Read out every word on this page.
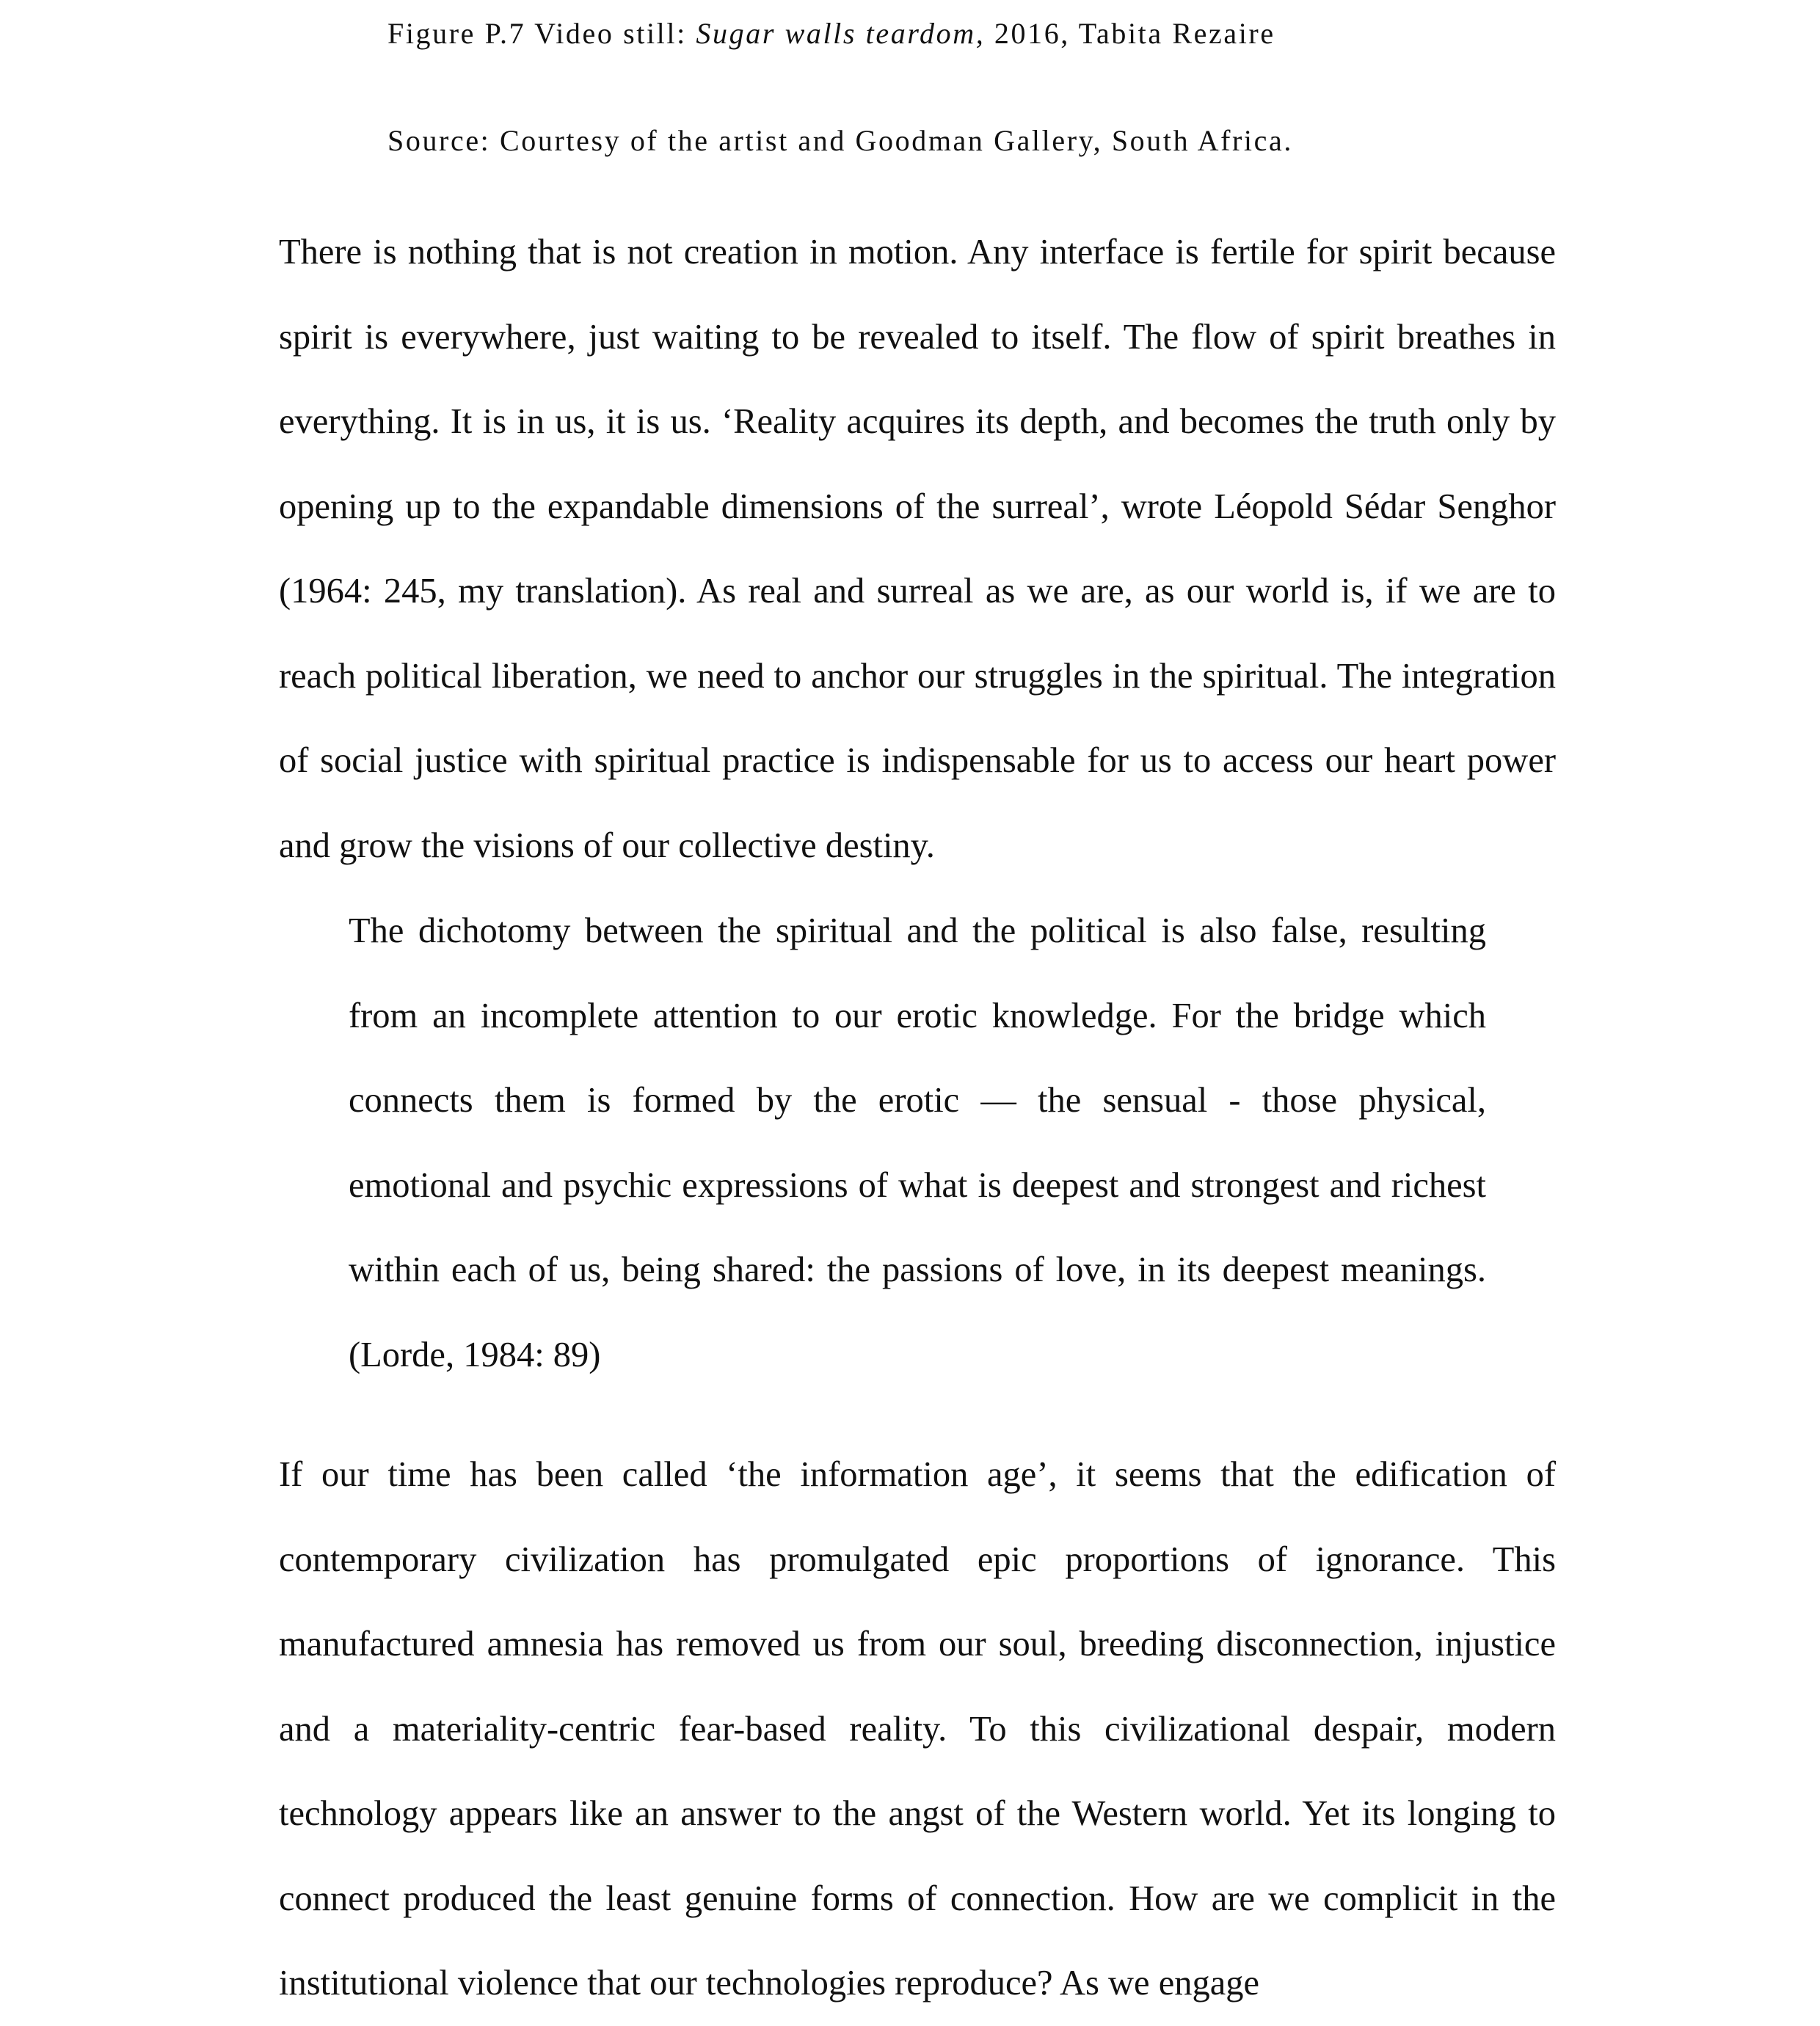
Figure P.7 Video still: Sugar walls teardom, 2016, Tabita Rezaire
Source: Courtesy of the artist and Goodman Gallery, South Africa.

There is nothing that is not creation in motion. Any interface is fertile for spirit because spirit is everywhere, just waiting to be revealed to itself. The flow of spirit breathes in everything. It is in us, it is us. ‘Reality acquires its depth, and becomes the truth only by opening up to the expandable dimensions of the surreal’, wrote Léopold Sédar Senghor (1964: 245, my translation). As real and surreal as we are, as our world is, if we are to reach political liberation, we need to anchor our struggles in the spiritual. The integration of social justice with spiritual practice is indispensable for us to access our heart power and grow the visions of our collective destiny.

The dichotomy between the spiritual and the political is also false, resulting from an incomplete attention to our erotic knowledge. For the bridge which connects them is formed by the erotic — the sensual - those physical, emotional and psychic expressions of what is deepest and strongest and richest within each of us, being shared: the passions of love, in its deepest meanings. (Lorde, 1984: 89)

If our time has been called ‘the information age’, it seems that the edification of contemporary civilization has promulgated epic proportions of ignorance. This manufactured amnesia has removed us from our soul, breeding disconnection, injustice and a materiality-centric fear-based reality. To this civilizational despair, modern technology appears like an answer to the angst of the Western world. Yet its longing to connect produced the least genuine forms of connection. How are we complicit in the institutional violence that our technologies reproduce? As we engage
